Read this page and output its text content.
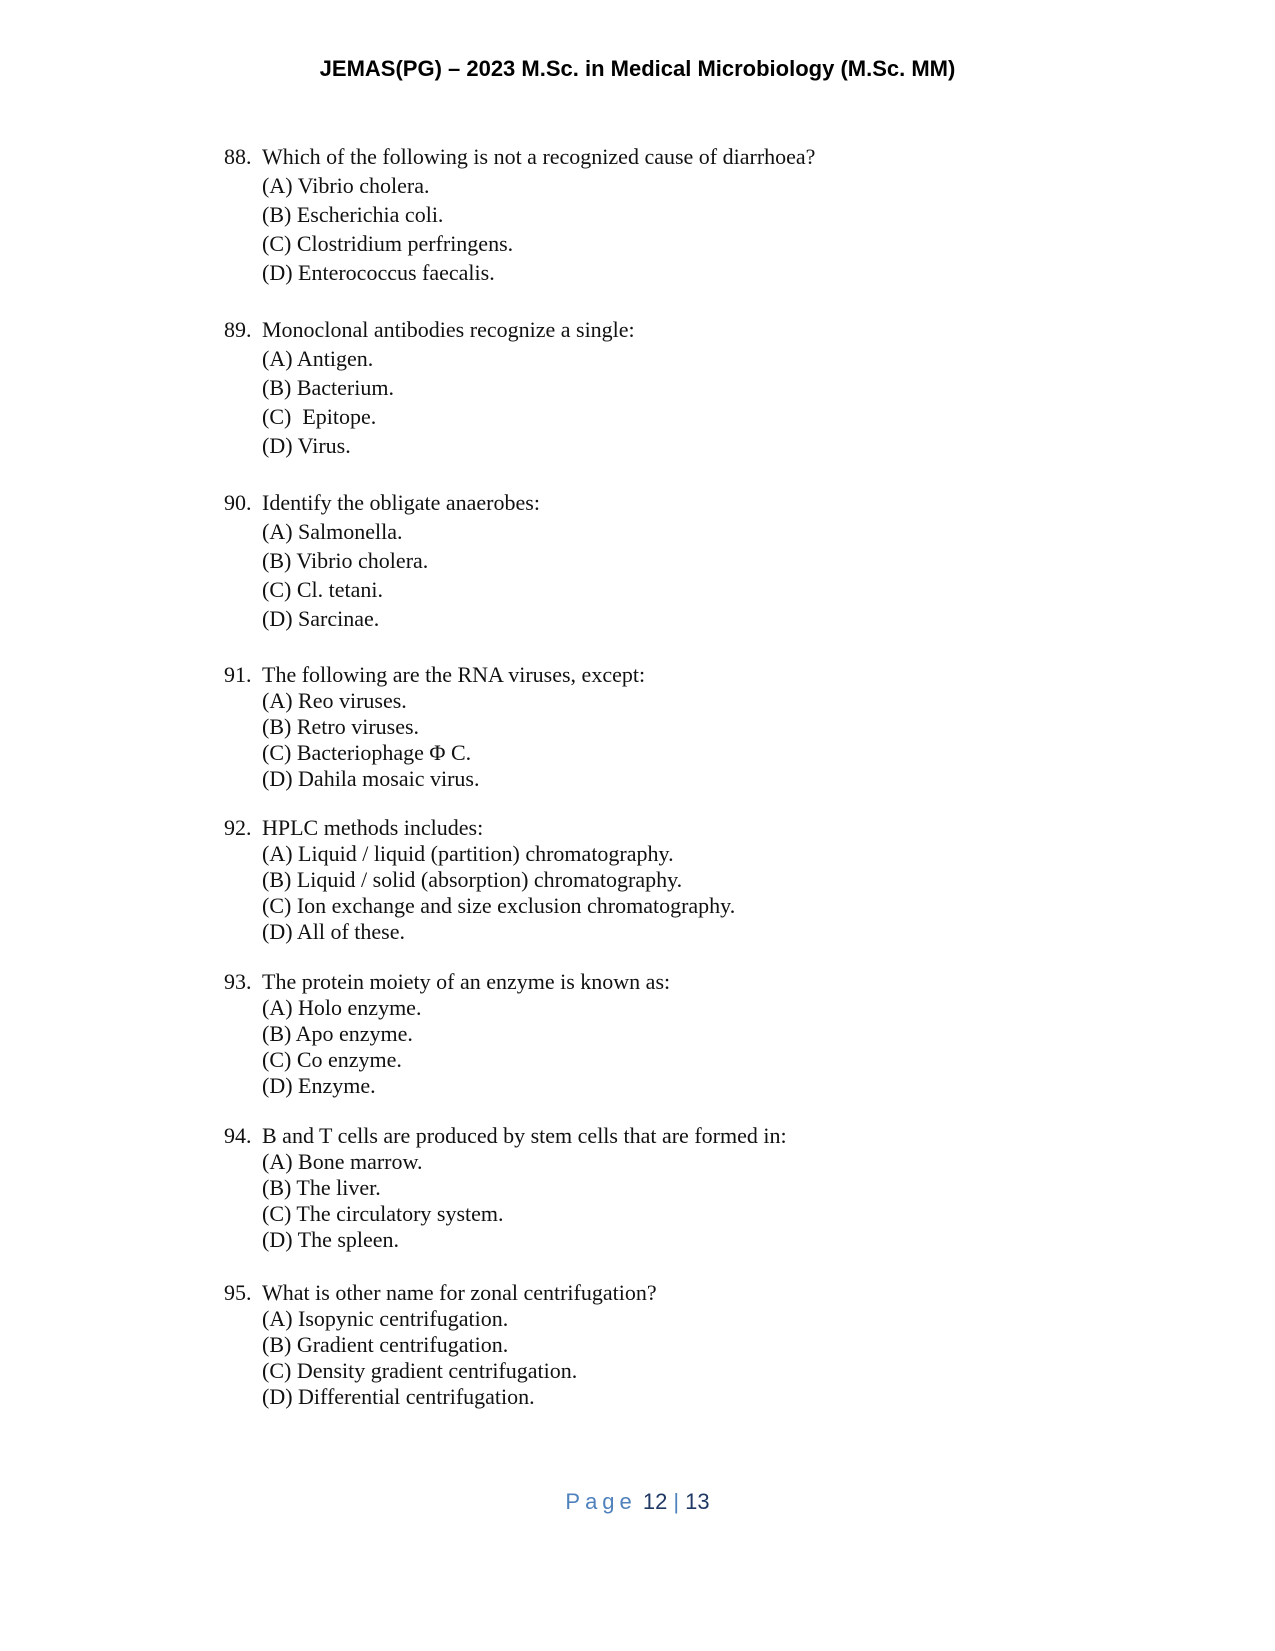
JEMAS(PG) – 2023 M.Sc. in Medical Microbiology (M.Sc. MM)
88. Which of the following is not a recognized cause of diarrhoea?
(A) Vibrio cholera.
(B) Escherichia coli.
(C) Clostridium perfringens.
(D) Enterococcus faecalis.
89. Monoclonal antibodies recognize a single:
(A) Antigen.
(B) Bacterium.
(C)  Epitope.
(D) Virus.
90. Identify the obligate anaerobes:
(A) Salmonella.
(B) Vibrio cholera.
(C) Cl. tetani.
(D) Sarcinae.
91. The following are the RNA viruses, except:
(A) Reo viruses.
(B) Retro viruses.
(C) Bacteriophage Φ C.
(D) Dahila mosaic virus.
92. HPLC methods includes:
(A) Liquid / liquid (partition) chromatography.
(B) Liquid / solid (absorption) chromatography.
(C) Ion exchange and size exclusion chromatography.
(D) All of these.
93. The protein moiety of an enzyme is known as:
(A) Holo enzyme.
(B) Apo enzyme.
(C) Co enzyme.
(D) Enzyme.
94. B and T cells are produced by stem cells that are formed in:
(A) Bone marrow.
(B) The liver.
(C) The circulatory system.
(D) The spleen.
95. What is other name for zonal centrifugation?
(A) Isopynic centrifugation.
(B) Gradient centrifugation.
(C) Density gradient centrifugation.
(D) Differential centrifugation.
Page 12 | 13
